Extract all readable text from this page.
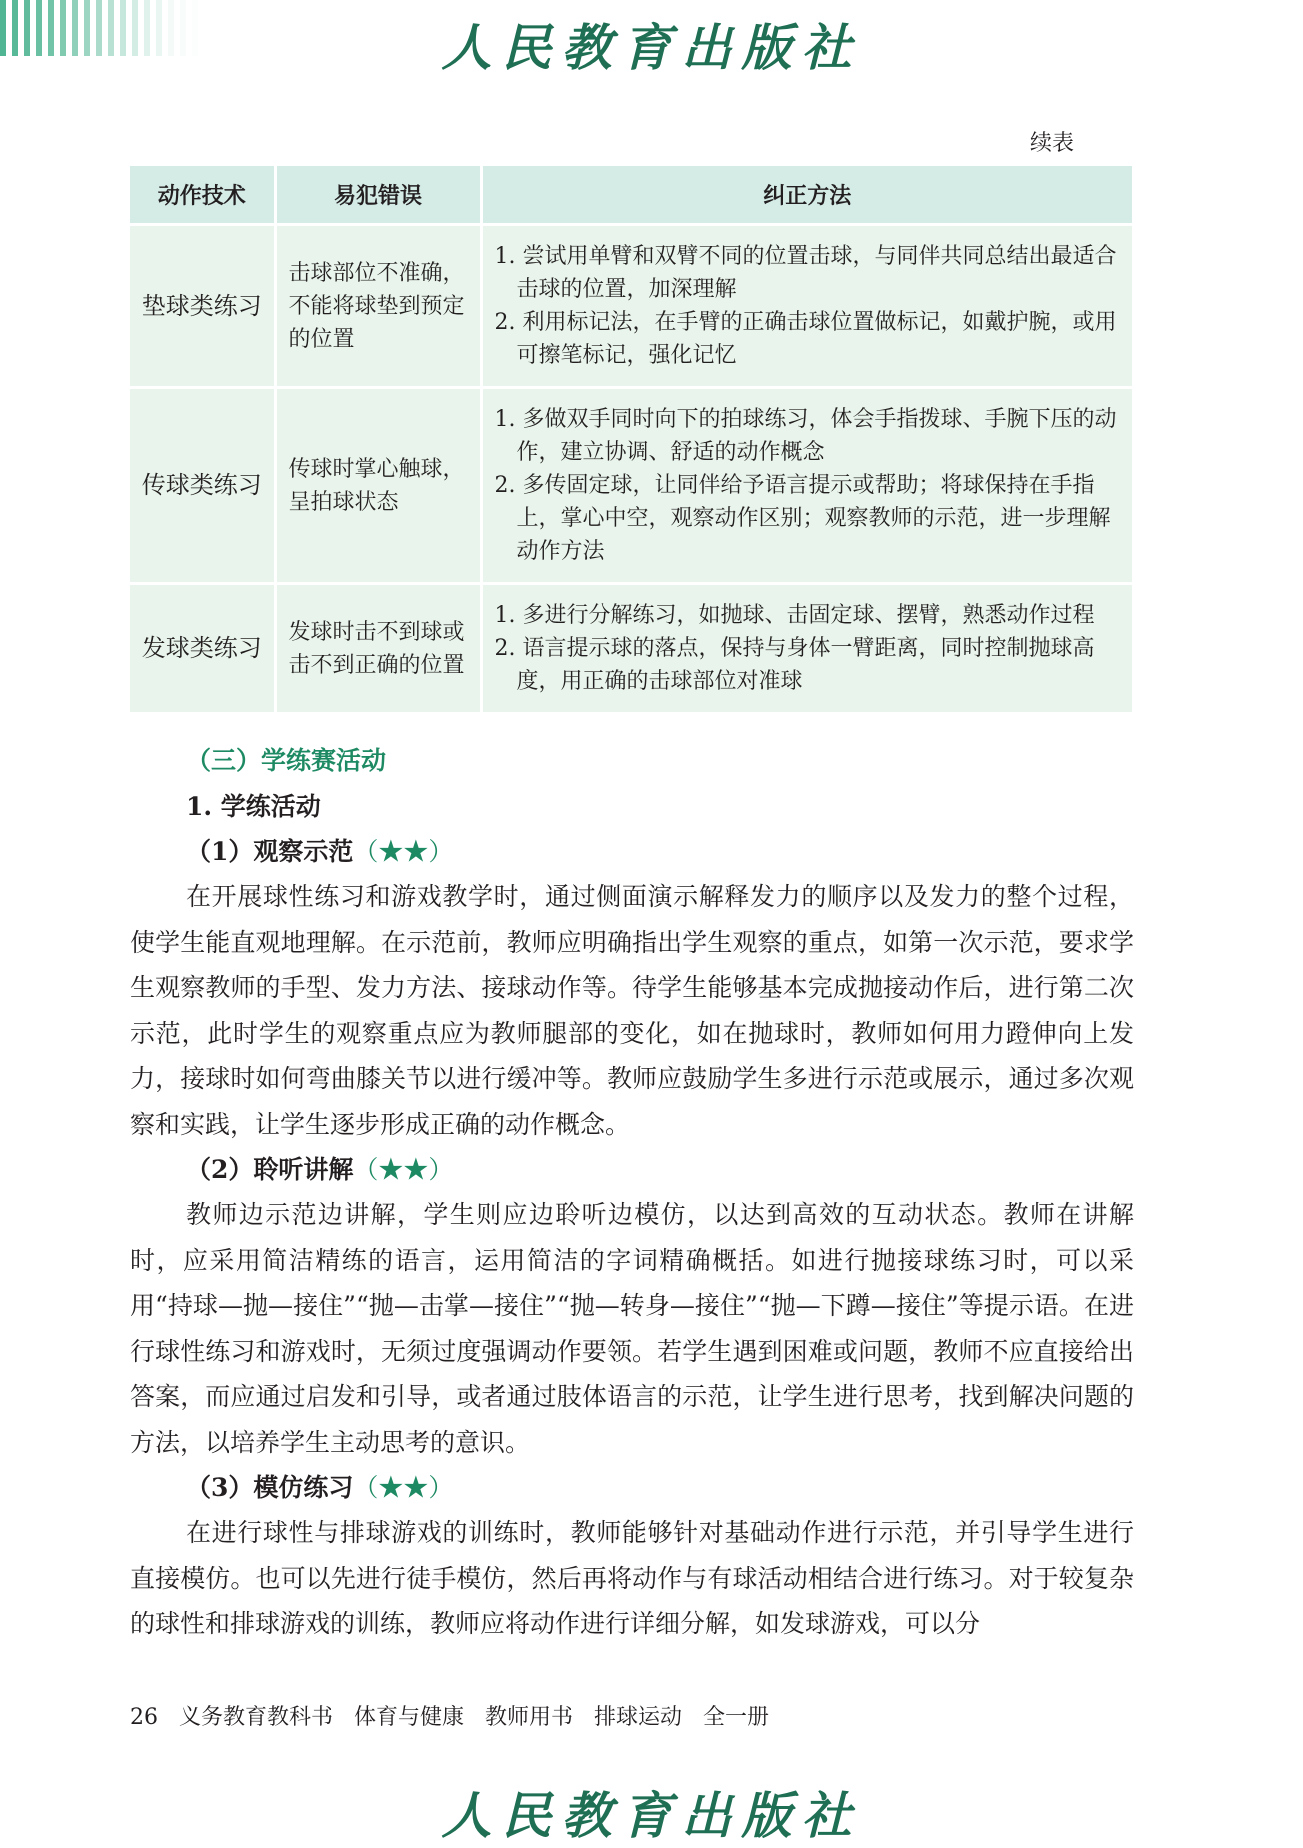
人民教育出版社
续表
动作技术	易犯错误	纠正方法
垫球类练习	击球部位不准确，不能将球垫到预定的位置	1. 尝试用单臂和双臂不同的位置击球，与同伴共同总结出最适合击球的位置，加深理解
2. 利用标记法，在手臂的正确击球位置做标记，如戴护腕，或用可擦笔标记，强化记忆

传球类练习	传球时掌心触球，呈拍球状态	1. 多做双手同时向下的拍球练习，体会手指拨球、手腕下压的动作，建立协调、舒适的动作概念
2. 多传固定球，让同伴给予语言提示或帮助；将球保持在手指上，掌心中空，观察动作区别；观察教师的示范，进一步理解动作方法

发球类练习	发球时击不到球或击不到正确的位置	1. 多进行分解练习，如抛球、击固定球、摆臂，熟悉动作过程
2. 语言提示球的落点，保持与身体一臂距离，同时控制抛球高度，用正确的击球部位对准球
（三）学练赛活动
1. 学练活动
（1）观察示范（★★）

在开展球性练习和游戏教学时，通过侧面演示解释发力的顺序以及发力的整个过程，使学生能直观地理解。在示范前，教师应明确指出学生观察的重点，如第一次示范，要求学生观察教师的手型、发力方法、接球动作等。待学生能够基本完成抛接动作后，进行第二次示范，此时学生的观察重点应为教师腿部的变化，如在抛球时，教师如何用力蹬伸向上发力，接球时如何弯曲膝关节以进行缓冲等。教师应鼓励学生多进行示范或展示，通过多次观察和实践，让学生逐步形成正确的动作概念。

（2）聆听讲解（★★）

教师边示范边讲解，学生则应边聆听边模仿，以达到高效的互动状态。教师在讲解时，应采用简洁精练的语言，运用简洁的字词精确概括。如进行抛接球练习时，可以采用“持球—抛—接住”“抛—击掌—接住”“抛—转身—接住”“抛—下蹲—接住”等提示语。在进行球性练习和游戏时，无须过度强调动作要领。若学生遇到困难或问题，教师不应直接给出答案，而应通过启发和引导，或者通过肢体语言的示范，让学生进行思考，找到解决问题的方法，以培养学生主动思考的意识。

（3）模仿练习（★★）

在进行球性与排球游戏的训练时，教师能够针对基础动作进行示范，并引导学生进行直接模仿。也可以先进行徒手模仿，然后再将动作与有球活动相结合进行练习。对于较复杂的球性和排球游戏的训练，教师应将动作进行详细分解，如发球游戏，可以分

26 义务教育教科书 体育与健康 教师用书 排球运动 全一册
人民教育出版社
